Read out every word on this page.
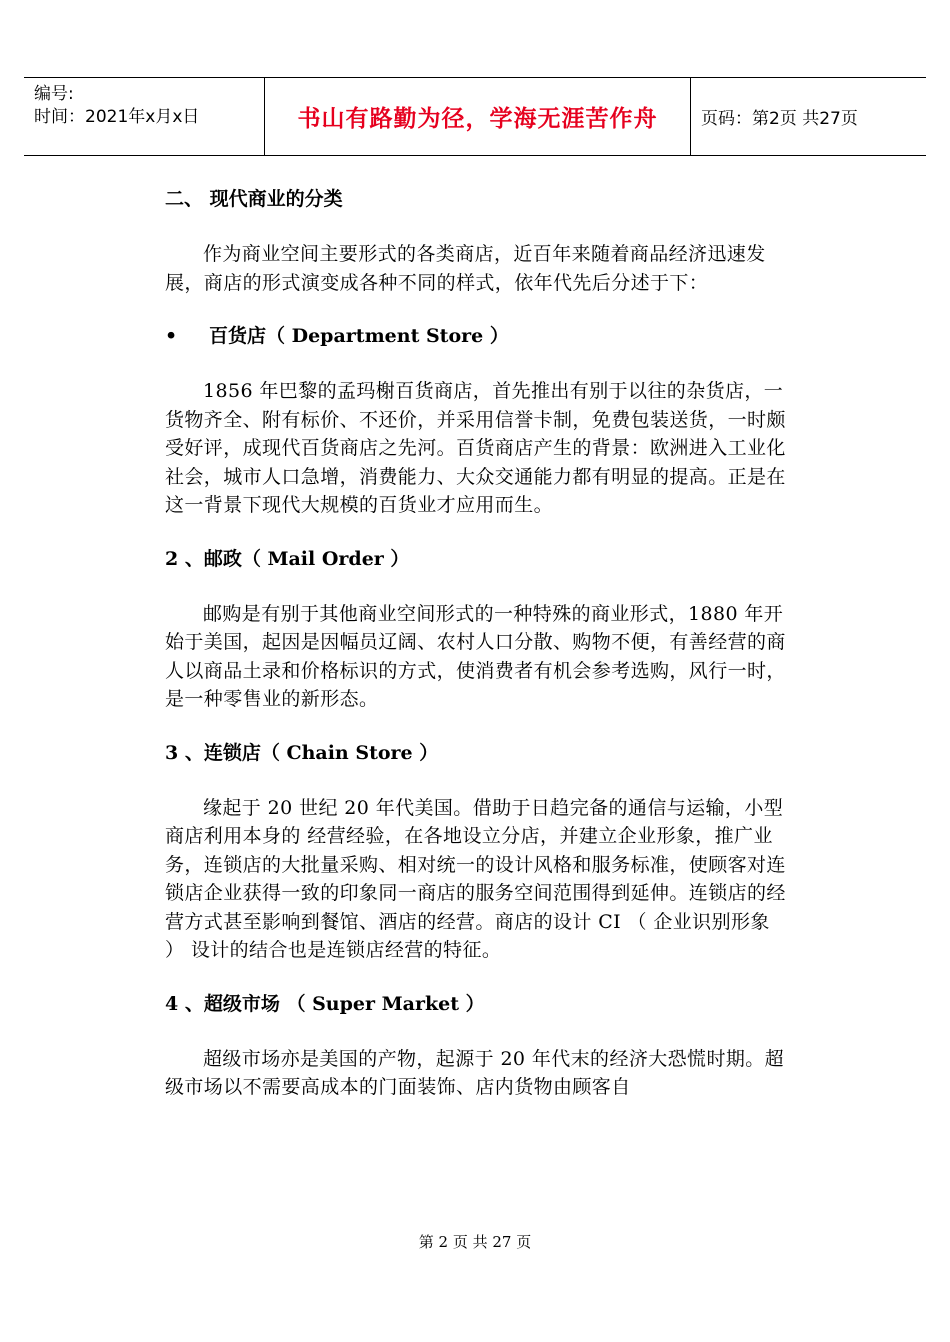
编号:
时间：2021年x月x日	书山有路勤为径，学海无涯苦作舟	页码：第2页 共27页

二、 现代商业的分类

作为商业空间主要形式的各类商店，近百年来随着商品经济迅速发展，商店的形式演变成各种不同的样式，依年代先后分述于下：

• 百货店（ Department Store ）

1856 年巴黎的孟玛榭百货商店，首先推出有别于以往的杂货店，一货物齐全、附有标价、不还价，并采用信誉卡制，免费包装送货，一时颇受好评，成现代百货商店之先河。百货商店产生的背景：欧洲进入工业化社会，城市人口急增，消费能力、大众交通能力都有明显的提高。正是在这一背景下现代大规模的百货业才应用而生。

2 、邮政（ Mail Order ）

邮购是有别于其他商业空间形式的一种特殊的商业形式，1880 年开始于美国，起因是因幅员辽阔、农村人口分散、购物不便，有善经营的商人以商品土录和价格标识的方式，使消费者有机会参考选购，风行一时，是一种零售业的新形态。

3 、连锁店（ Chain Store ）

缘起于 20 世纪 20 年代美国。借助于日趋完备的通信与运输，小型商店利用本身的 经营经验，在各地设立分店，并建立企业形象，推广业务，连锁店的大批量采购、相对统一的设计风格和服务标准，使顾客对连锁店企业获得一致的印象同一商店的服务空间范围得到延伸。连锁店的经营方式甚至影响到餐馆、酒店的经营。商店的设计 CI （ 企业识别形象 ） 设计的结合也是连锁店经营的特征。

4 、超级市场 （ Super Market ）

超级市场亦是美国的产物，起源于 20 年代末的经济大恐慌时期。超级市场以不需要高成本的门面装饰、店内货物由顾客自

第 2 页 共 27 页
